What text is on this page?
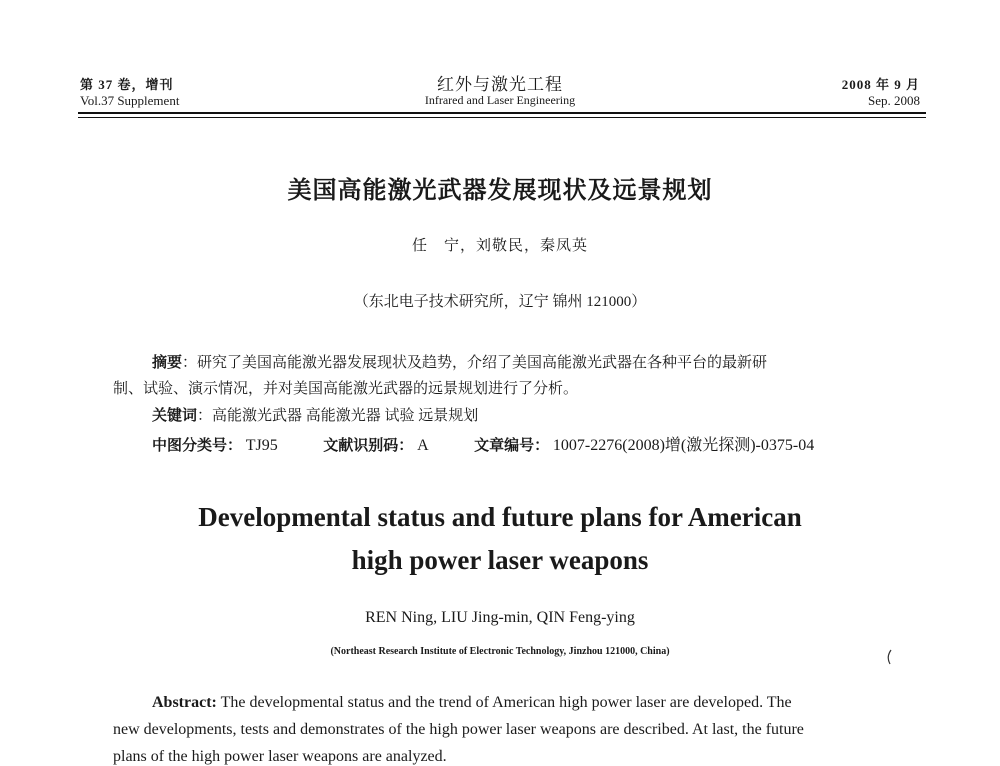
第 37 卷，增刊
Vol.37 Supplement
红外与激光工程
Infrared and Laser Engineering
2008 年 9 月
Sep. 2008
美国高能激光武器发展现状及远景规划
任　宁，刘敬民，秦凤英
（东北电子技术研究所，辽宁 锦州 121000）
摘要：研究了美国高能激光器发展现状及趋势，介绍了美国高能激光武器在各种平台的最新研
制、试验、演示情况，并对美国高能激光武器的远景规划进行了分析。
关键词：高能激光武器 高能激光器 试验 远景规划
中图分类号： TJ95	文献识别码： A	文章编号： 1007-2276(2008)增(激光探测)-0375-04
Developmental status and future plans for American
high power laser weapons
REN Ning, LIU Jing-min, QIN Feng-ying
(Northeast Research Institute of Electronic Technology, Jinzhou 121000, China)
Abstract: The developmental status and the trend of American high power laser are developed. The
new developments, tests and demonstrates of the high power laser weapons are described. At last, the future
plans of the high power laser weapons are analyzed.
